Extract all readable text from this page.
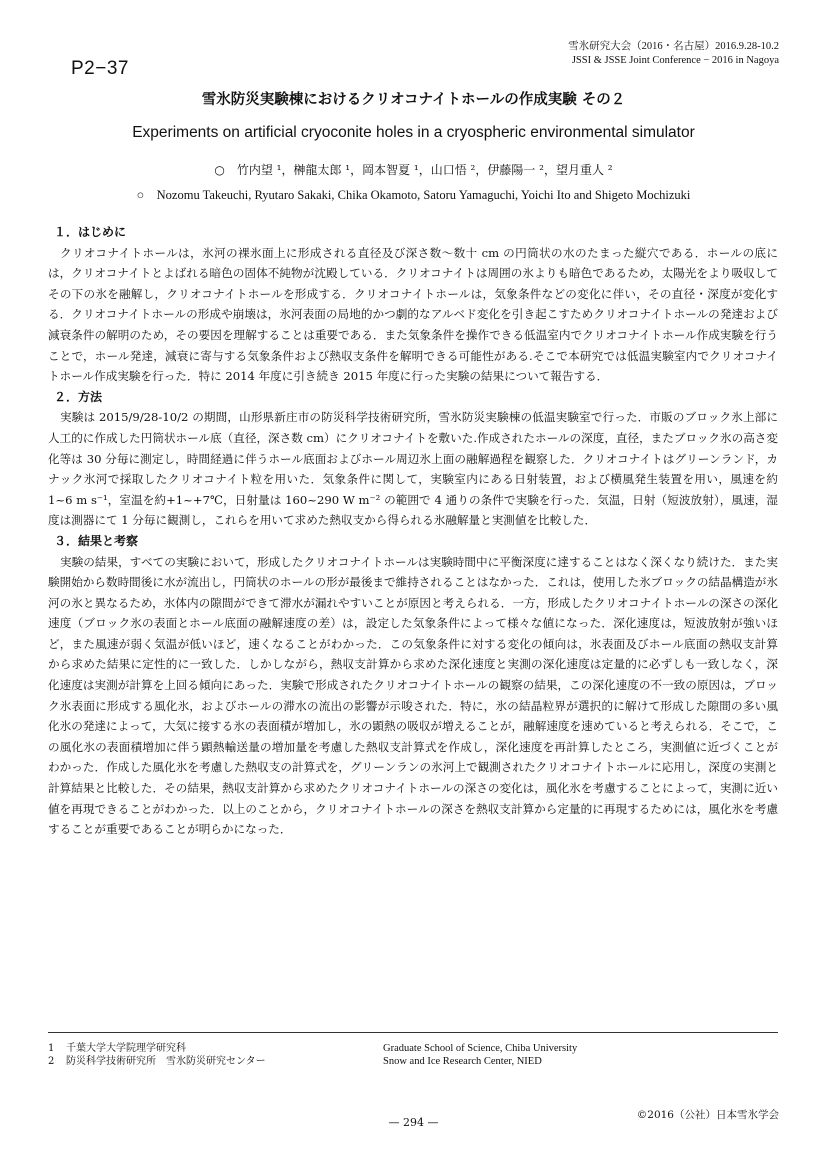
P2−37
雪氷研究大会（2016・名古屋）2016.9.28-10.2
JSSI & JSSE Joint Conference − 2016 in Nagoya
雪氷防災実験棟におけるクリオコナイトホールの作成実験 その２
Experiments on artificial cryoconite holes in a cryospheric environmental simulator
○　竹内望 ¹，榊龍太郎 ¹，岡本智夏 ¹，山口悟 ²，伊藤陽一 ²，望月重人 ²
○　Nozomu Takeuchi, Ryutaro Sakaki, Chika Okamoto, Satoru Yamaguchi, Yoichi Ito and Shigeto Mochizuki
１．はじめに

クリオコナイトホールは，氷河の裸氷面上に形成される直径及び深さ数～数十 cm の円筒状の水のたまった縦穴である．ホールの底には，クリオコナイトとよばれる暗色の固体不純物が沈殿している．クリオコナイトは周囲の氷よりも暗色であるため，太陽光をより吸収してその下の氷を融解し，クリオコナイトホールを形成する．クリオコナイトホールは，気象条件などの変化に伴い，その直径・深度が変化する．クリオコナイトホールの形成や崩壊は，氷河表面の局地的かつ劇的なアルベド変化を引き起こすためクリオコナイトホールの発達および減衰条件の解明のため，その要因を理解することは重要である．また気象条件を操作できる低温室内でクリオコナイトホール作成実験を行うことで，ホール発達，減衰に寄与する気象条件および熱収支条件を解明できる可能性がある.そこで本研究では低温実験室内でクリオコナイトホール作成実験を行った．特に 2014 年度に引き続き 2015 年度に行った実験の結果について報告する．

２．方法

実験は 2015/9/28-10/2 の期間，山形県新庄市の防災科学技術研究所，雪氷防災実験棟の低温実験室で行った．市販のブロック氷上部に人工的に作成した円筒状ホール底（直径，深さ数 cm）にクリオコナイトを敷いた.作成されたホールの深度，直径，またブロック氷の高さ変化等は 30 分毎に測定し，時間経過に伴うホール底面およびホール周辺氷上面の融解過程を観察した．クリオコナイトはグリーンランド，カナック氷河で採取したクリオコナイト粒を用いた．気象条件に関して，実験室内にある日射装置，および横風発生装置を用い，風速を約 1~6 m s⁻¹，室温を約+1~+7℃，日射量は 160~290 W m⁻² の範囲で 4 通りの条件で実験を行った．気温，日射（短波放射），風速，湿度は測器にて 1 分毎に観測し，これらを用いて求めた熱収支から得られる氷融解量と実測値を比較した．

３．結果と考察

実験の結果，すべての実験において，形成したクリオコナイトホールは実験時間中に平衡深度に達することはなく深くなり続けた．また実験開始から数時間後に水が流出し，円筒状のホールの形が最後まで維持されることはなかった．これは，使用した氷ブロックの結晶構造が氷河の氷と異なるため，氷体内の隙間ができて滞水が漏れやすいことが原因と考えられる．一方，形成したクリオコナイトホールの深さの深化速度（ブロック氷の表面とホール底面の融解速度の差）は，設定した気象条件によって様々な値になった．深化速度は，短波放射が強いほど，また風速が弱く気温が低いほど，速くなることがわかった．この気象条件に対する変化の傾向は，氷表面及びホール底面の熱収支計算から求めた結果に定性的に一致した．しかしながら，熱収支計算から求めた深化速度と実測の深化速度は定量的に必ずしも一致しなく，深化速度は実測が計算を上回る傾向にあった．実験で形成されたクリオコナイトホールの観察の結果，この深化速度の不一致の原因は，ブロック氷表面に形成する風化氷，およびホールの滞水の流出の影響が示唆された．特に，氷の結晶粒界が選択的に解けて形成した隙間の多い風化氷の発達によって，大気に接する氷の表面積が増加し，氷の顕熱の吸収が増えることが，融解速度を速めていると考えられる．そこで，この風化氷の表面積増加に伴う顕熱輸送量の増加量を考慮した熱収支計算式を作成し，深化速度を再計算したところ，実測値に近づくことがわかった．作成した風化氷を考慮した熱収支の計算式を，グリーンランの氷河上で観測されたクリオコナイトホールに応用し，深度の実測と計算結果と比較した．その結果，熱収支計算から求めたクリオコナイトホールの深さの変化は，風化氷を考慮することによって，実測に近い値を再現できることがわかった．以上のことから，クリオコナイトホールの深さを熱収支計算から定量的に再現するためには，風化氷を考慮することが重要であることが明らかになった．

1 千葉大学大学院理学研究科
2 防災科学技術研究所　雪氷防災研究センター
Graduate School of Science, Chiba University
Snow and Ice Research Center, NIED
©2016（公社）日本雪氷学会
— 294 —
